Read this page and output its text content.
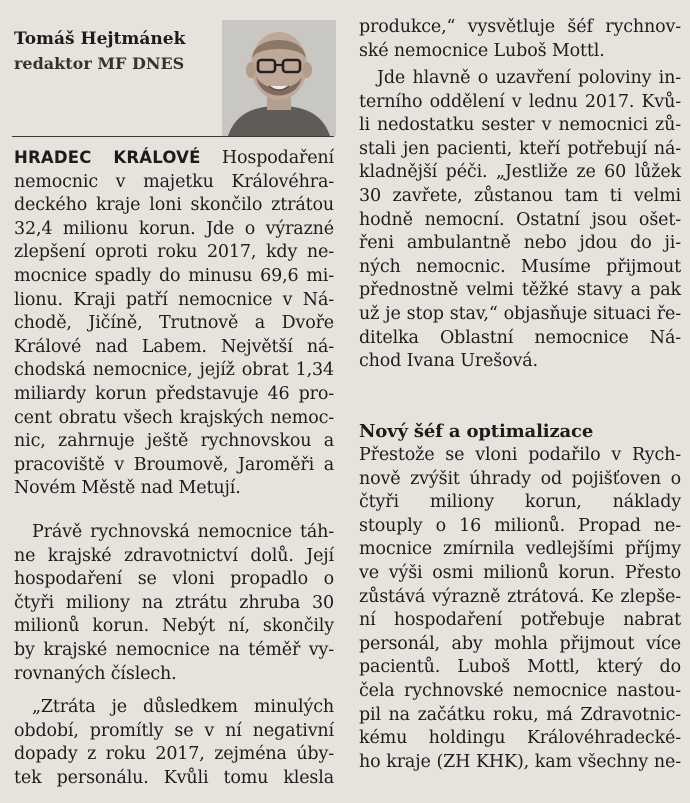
Tomáš Hejtmánek
redaktor MF DNES
HRADEC KRÁLOVÉ Hospodaření
nemocnic v majetku Královéhra-
deckého kraje loni skončilo ztrátou
32,4 milionu korun. Jde o výrazné
zlepšení oproti roku 2017, kdy ne-
mocnice spadly do minusu 69,6 mi-
lionu. Kraji patří nemocnice v Ná-
chodě, Jičíně, Trutnově a Dvoře
Králové nad Labem. Největší ná-
chodská nemocnice, jejíž obrat 1,34
miliardy korun představuje 46 pro-
cent obratu všech krajských nemoc-
nic, zahrnuje ještě rychnovskou a
pracoviště v Broumově, Jaroměři a
Novém Městě nad Metují.
Právě rychnovská nemocnice táh-
ne krajské zdravotnictví dolů. Její
hospodaření se vloni propadlo o
čtyři miliony na ztrátu zhruba 30
milionů korun. Nebýt ní, skončily
by krajské nemocnice na téměř vy-
rovnaných číslech.
„Ztráta je důsledkem minulých
období, promítly se v ní negativní
dopady z roku 2017, zejména úby-
tek personálu. Kvůli tomu klesla
produkce,“ vysvětluje šéf rychnov-
ské nemocnice Luboš Mottl.
Jde hlavně o uzavření poloviny in-
terního oddělení v lednu 2017. Kvů-
li nedostatku sester v nemocnici zů-
stali jen pacienti, kteří potřebují ná-
kladnější péči. „Jestliže ze 60 lůžek
30 zavřete, zůstanou tam ti velmi
hodně nemocní. Ostatní jsou ošet-
řeni ambulantně nebo jdou do ji-
ných nemocnic. Musíme přijmout
přednostně velmi těžké stavy a pak
už je stop stav,“ objasňuje situaci ře-
ditelka Oblastní nemocnice Ná-
chod Ivana Urešová.
Nový šéf a optimalizace
Přestože se vloni podařilo v Rych-
nově zvýšit úhrady od pojišťoven o
čtyři miliony korun, náklady
stouply o 16 milionů. Propad ne-
mocnice zmírnila vedlejšími příjmy
ve výši osmi milionů korun. Přesto
zůstává výrazně ztrátová. Ke zlepše-
ní hospodaření potřebuje nabrat
personál, aby mohla přijmout více
pacientů. Luboš Mottl, který do
čela rychnovské nemocnice nastou-
pil na začátku roku, má Zdravotnic-
kému holdingu Královéhradecké-
ho kraje (ZH KHK), kam všechny ne-
